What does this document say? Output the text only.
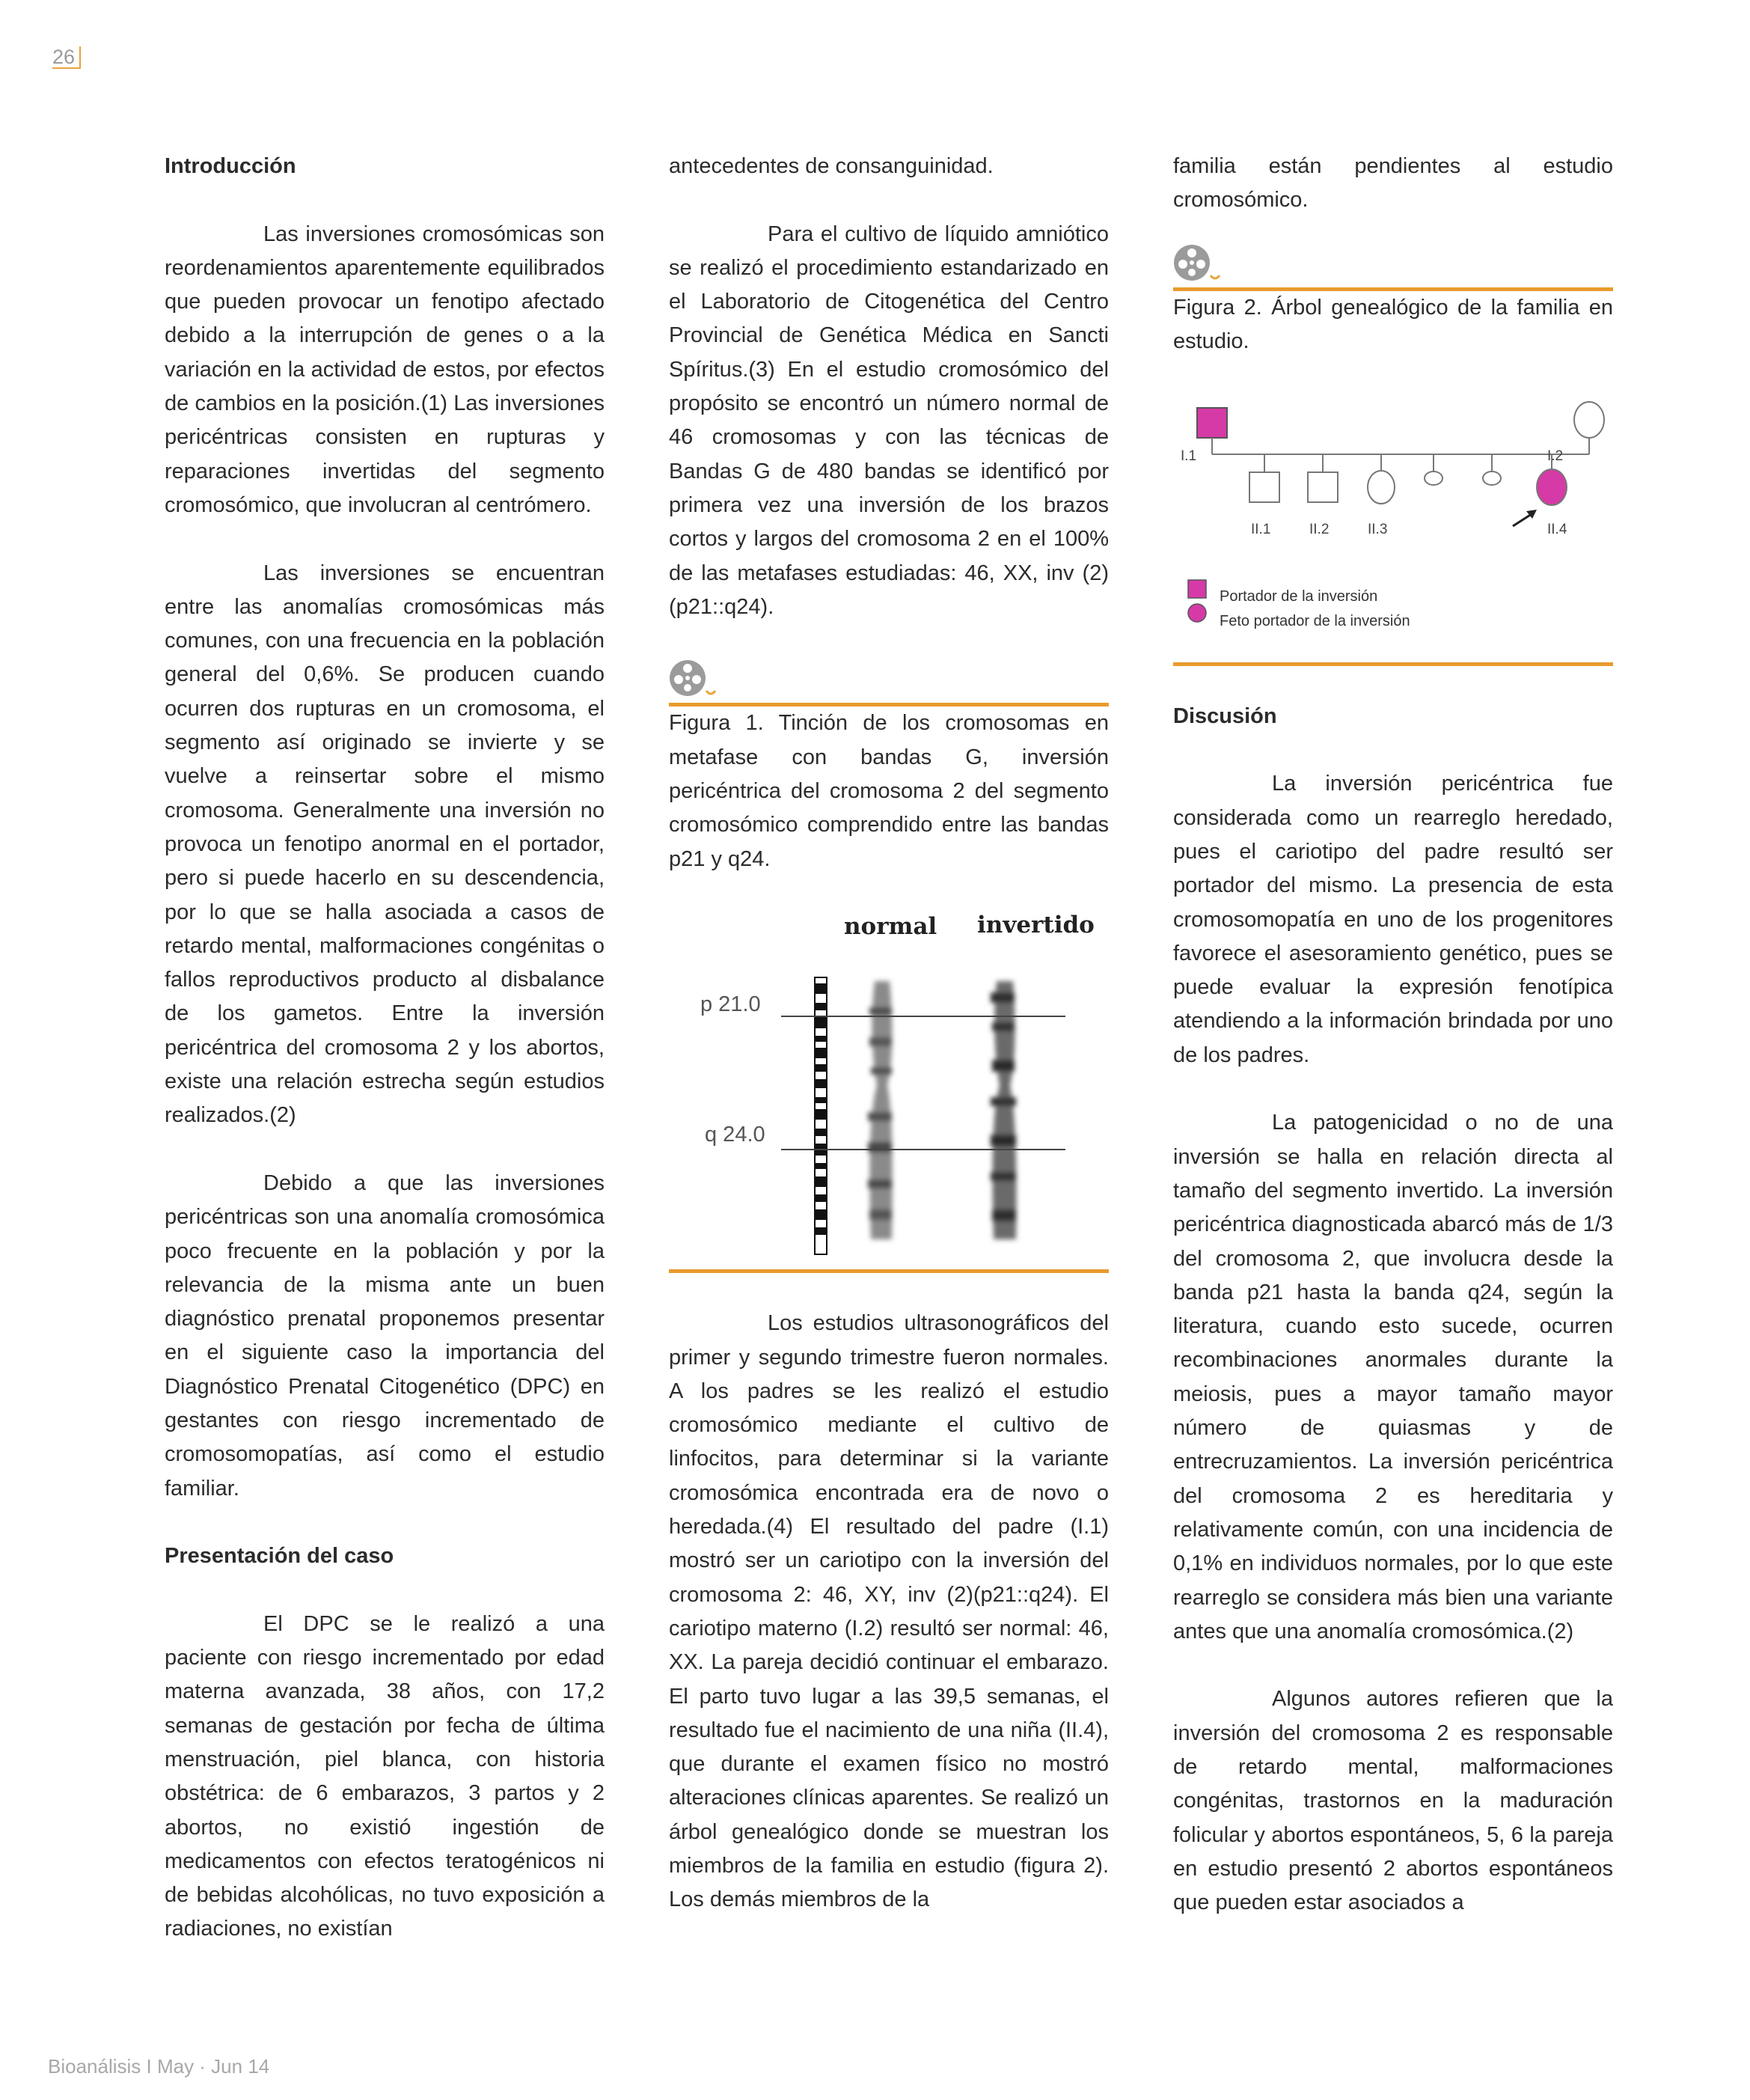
26
Introducción

Las inversiones cromosómicas son reordenamientos aparentemente equilibrados que pueden provocar un fenotipo afectado debido a la interrupción de genes o a la variación en la actividad de estos, por efectos de cambios en la posición.(1) Las inversiones pericéntricas consisten en rupturas y reparaciones invertidas del segmento cromosómico, que involucran al centrómero.

Las inversiones se encuentran entre las anomalías cromosómicas más comunes, con una frecuencia en la población general del 0,6%. Se producen cuando ocurren dos rupturas en un cromosoma, el segmento así originado se invierte y se vuelve a reinsertar sobre el mismo cromosoma. Generalmente una inversión no provoca un fenotipo anormal en el portador, pero si puede hacerlo en su descendencia, por lo que se halla asociada a casos de retardo mental, malformaciones congénitas o fallos reproductivos producto al disbalance de los gametos. Entre la inversión pericéntrica del cromosoma 2 y los abortos, existe una relación estrecha según estudios realizados.(2)

Debido a que las inversiones pericéntricas son una anomalía cromosómica poco frecuente en la población y por la relevancia de la misma ante un buen diagnóstico prenatal proponemos presentar en el siguiente caso la importancia del Diagnóstico Prenatal Citogenético (DPC) en gestantes con riesgo incrementado de cromosomopatías, así como el estudio familiar.

Presentación del caso

El DPC se le realizó a una paciente con riesgo incrementado por edad materna avanzada, 38 años, con 17,2 semanas de gestación por fecha de última menstruación, piel blanca, con historia obstétrica: de 6 embarazos, 3 partos y 2 abortos, no existió ingestión de medicamentos con efectos teratogénicos ni de bebidas alcohólicas, no tuvo exposición a radiaciones, no existían

antecedentes de consanguinidad.

Para el cultivo de líquido amniótico se realizó el procedimiento estandarizado en el Laboratorio de Citogenética del Centro Provincial de Genética Médica en Sancti Spíritus.(3) En el estudio cromosómico del propósito se encontró un número normal de 46 cromosomas y con las técnicas de Bandas G de 480 bandas se identificó por primera vez una inversión de los brazos cortos y largos del cromosoma 2 en el 100% de las metafases estudiadas: 46, XX, inv (2)(p21::q24).

Figura 1. Tinción de los cromosomas en metafase con bandas G, inversión pericéntrica del cromosoma 2 del segmento cromosómico comprendido entre las bandas p21 y q24.

normal invertido
p 21.0
q 24.0

Los estudios ultrasonográficos del primer y segundo trimestre fueron normales. A los padres se les realizó el estudio cromosómico mediante el cultivo de linfocitos, para determinar si la variante cromosómica encontrada era de novo o heredada.(4) El resultado del padre (I.1) mostró ser un cariotipo con la inversión del cromosoma 2: 46, XY, inv (2)(p21::q24). El cariotipo materno (I.2) resultó ser normal: 46, XX. La pareja decidió continuar el embarazo. El parto tuvo lugar a las 39,5 semanas, el resultado fue el nacimiento de una niña (II.4), que durante el examen físico no mostró alteraciones clínicas aparentes. Se realizó un árbol genealógico donde se muestran los miembros de la familia en estudio (figura 2). Los demás miembros de la

familia están pendientes al estudio cromosómico.

Figura 2. Árbol genealógico de la familia en estudio.

I.1	I.2
II.1	II.2	II.3	II.4
Portador de la inversión
Feto portador de la inversión
Discusión

La inversión pericéntrica fue considerada como un rearreglo heredado, pues el cariotipo del padre resultó ser portador del mismo. La presencia de esta cromosomopatía en uno de los progenitores favorece el asesoramiento genético, pues se puede evaluar la expresión fenotípica atendiendo a la información brindada por uno de los padres.

La patogenicidad o no de una inversión se halla en relación directa al tamaño del segmento invertido. La inversión pericéntrica diagnosticada abarcó más de 1/3 del cromosoma 2, que involucra desde la banda p21 hasta la banda q24, según la literatura, cuando esto sucede, ocurren recombinaciones anormales durante la meiosis, pues a mayor tamaño mayor número de quiasmas y de entrecruzamientos. La inversión pericéntrica del cromosoma 2 es hereditaria y relativamente común, con una incidencia de 0,1% en individuos normales, por lo que este rearreglo se considera más bien una variante antes que una anomalía cromosómica.(2)

Algunos autores refieren que la inversión del cromosoma 2 es responsable de retardo mental, malformaciones congénitas, trastornos en la maduración folicular y abortos espontáneos, 5, 6 la pareja en estudio presentó 2 abortos espontáneos que pueden estar asociados a

Bioanálisis I May · Jun 14
